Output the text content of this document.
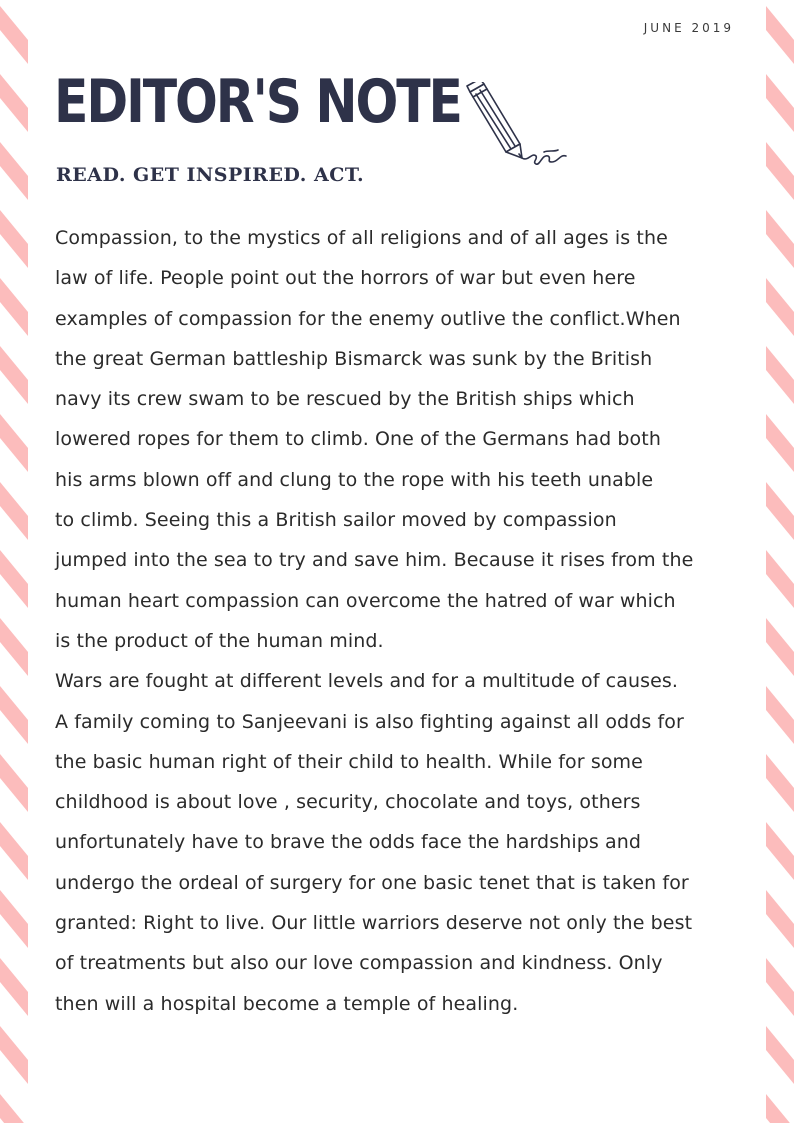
JUNE 2019
EDITOR'S NOTE
READ. GET INSPIRED. ACT.
Compassion, to the mystics of all religions and of all ages is the
law of life. People point out the horrors of war but even here
examples of compassion for the enemy outlive the conflict.When
the great German battleship Bismarck was sunk by the British
navy its crew swam to be rescued by the British ships which
lowered ropes for them to climb. One of the Germans had both
his arms blown off and clung to the rope with his teeth unable
to climb. Seeing this a British sailor moved by compassion
jumped into the sea to try and save him. Because it rises from the
human heart compassion can overcome the hatred of war which
is the product of the human mind.
Wars are fought at different levels and for a multitude of causes.
A family coming to Sanjeevani is also fighting against all odds for
the basic human right of their child to health. While for some
childhood is about love , security, chocolate and toys, others
unfortunately have to brave the odds face the hardships and
undergo the ordeal of surgery for one basic tenet that is taken for
granted: Right to live. Our little warriors deserve not only the best
of treatments but also our love compassion and kindness. Only
then will a hospital become a temple of healing.
